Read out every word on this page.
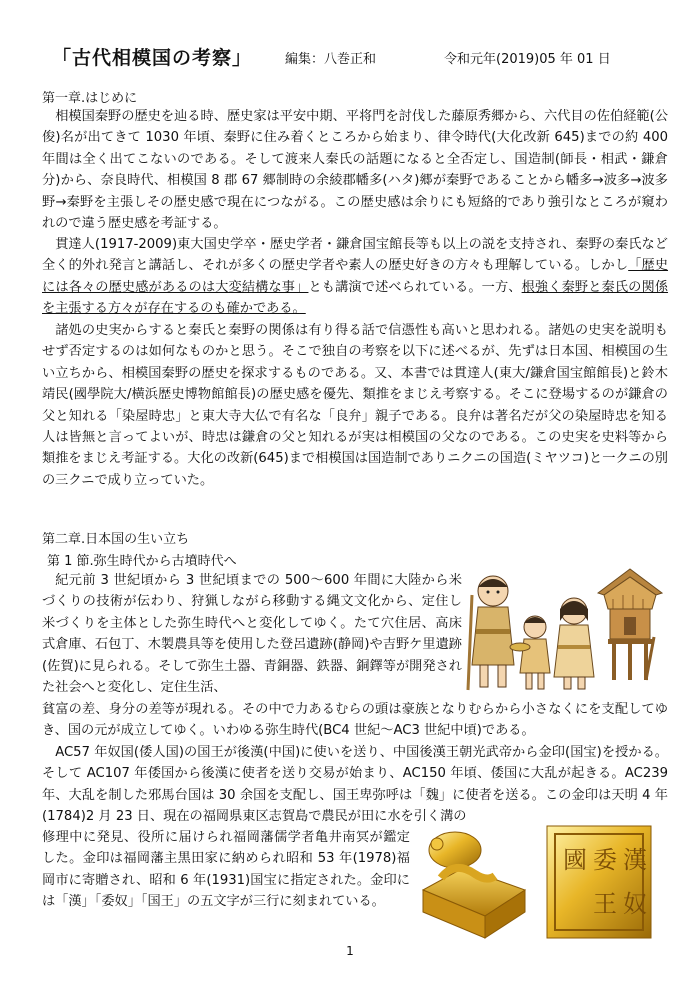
「古代相模国の考察」	編集：八巻正和	令和元年(2019)05 年 01 日
第一章.はじめに
相模国秦野の歴史を辿る時、歴史家は平安中期、平将門を討伐した藤原秀郷から、六代目の佐伯経範(公俊)名が出てきて 1030 年頃、秦野に住み着くところから始まり、律令時代(大化改新 645)までの約 400 年間は全く出てこないのである。そして渡来人秦氏の話題になると全否定し、国造制(師長・相武・鎌倉分)から、奈良時代、相模国 8 郡 67 郷制時の余綾郡幡多(ハタ)郷が秦野であることから幡多→波多→波多野→秦野を主張しその歴史感で現在につながる。この歴史感は余りにも短絡的であり強引なところが窺われので違う歴史感を考証する。
貫達人(1917-2009)東大国史学卒・歴史学者・鎌倉国宝館長等も以上の説を支持され、秦野の秦氏など全く的外れ発言と講話し、それが多くの歴史学者や素人の歴史好きの方々も理解している。しかし「歴史には各々の歴史感があるのは大変結構な事」とも講演で述べられている。一方、根強く秦野と秦氏の関係を主張する方々が存在するのも確かである。
諸処の史実からすると秦氏と秦野の関係は有り得る話で信憑性も高いと思われる。諸処の史実を説明もせず否定するのは如何なものかと思う。そこで独自の考察を以下に述べるが、先ずは日本国、相模国の生い立ちから、相模国秦野の歴史を探求するものである。又、本書では貫達人(東大/鎌倉国宝館館長)と鈴木靖民(國學院大/横浜歴史博物館館長)の歴史感を優先、類推をまじえ考察する。そこに登場するのが鎌倉の父と知れる「染屋時忠」と東大寺大仏で有名な「良弁」親子である。良弁は著名だが父の染屋時忠を知る人は皆無と言ってよいが、時忠は鎌倉の父と知れるが実は相模国の父なのである。この史実を史料等から類推をまじえ考証する。大化の改新(645)まで相模国は国造制でありニクニの国造(ミヤツコ)と一クニの別の三クニで成り立っていた。
第二章.日本国の生い立ち
第 1 節.弥生時代から古墳時代へ
紀元前 3 世紀頃から 3 世紀頃までの 500～600 年間に大陸から米づくりの技術が伝わり、狩猟しながら移動する縄文文化から、定住し米づくりを主体とした弥生時代へと変化してゆく。たて穴住居、高床式倉庫、石包丁、木製農具等を使用した登呂遺跡(静岡)や吉野ケ里遺跡(佐賀)に見られる。そして弥生土器、青銅器、鉄器、銅鐸等が開発された社会へと変化し、定住生活、
貧富の差、身分の差等が現れる。その中で力あるむらの頭は豪族となりむらから小さなくにを支配してゆき、国の元が成立してゆく。いわゆる弥生時代(BC4 世紀～AC3 世紀中頃)である。
AC57 年奴国(倭人国)の国王が後漢(中国)に使いを送り、中国後漢王朝光武帝から金印(国宝)を授かる。そして AC107 年倭国から後漢に使者を送り交易が始まり、AC150 年頃、倭国に大乱が起きる。AC239 年、大乱を制した邪馬台国は 30 余国を支配し、国王卑弥呼は「魏」に使者を送る。この金印は天明 4 年(1784)2 月 23 日、現在の福岡県東区志賀島で農民が田に水を引く溝の
修理中に発見、役所に届けられ福岡藩儒学者亀井南冥が鑑定した。金印は福岡藩主黒田家に納められ昭和 53 年(1978)福岡市に寄贈され、昭和 6 年(1931)国宝に指定された。金印には「漢」「委奴」「国王」の五文字が三行に刻まれている。
漢
委
國
奴
王
1
